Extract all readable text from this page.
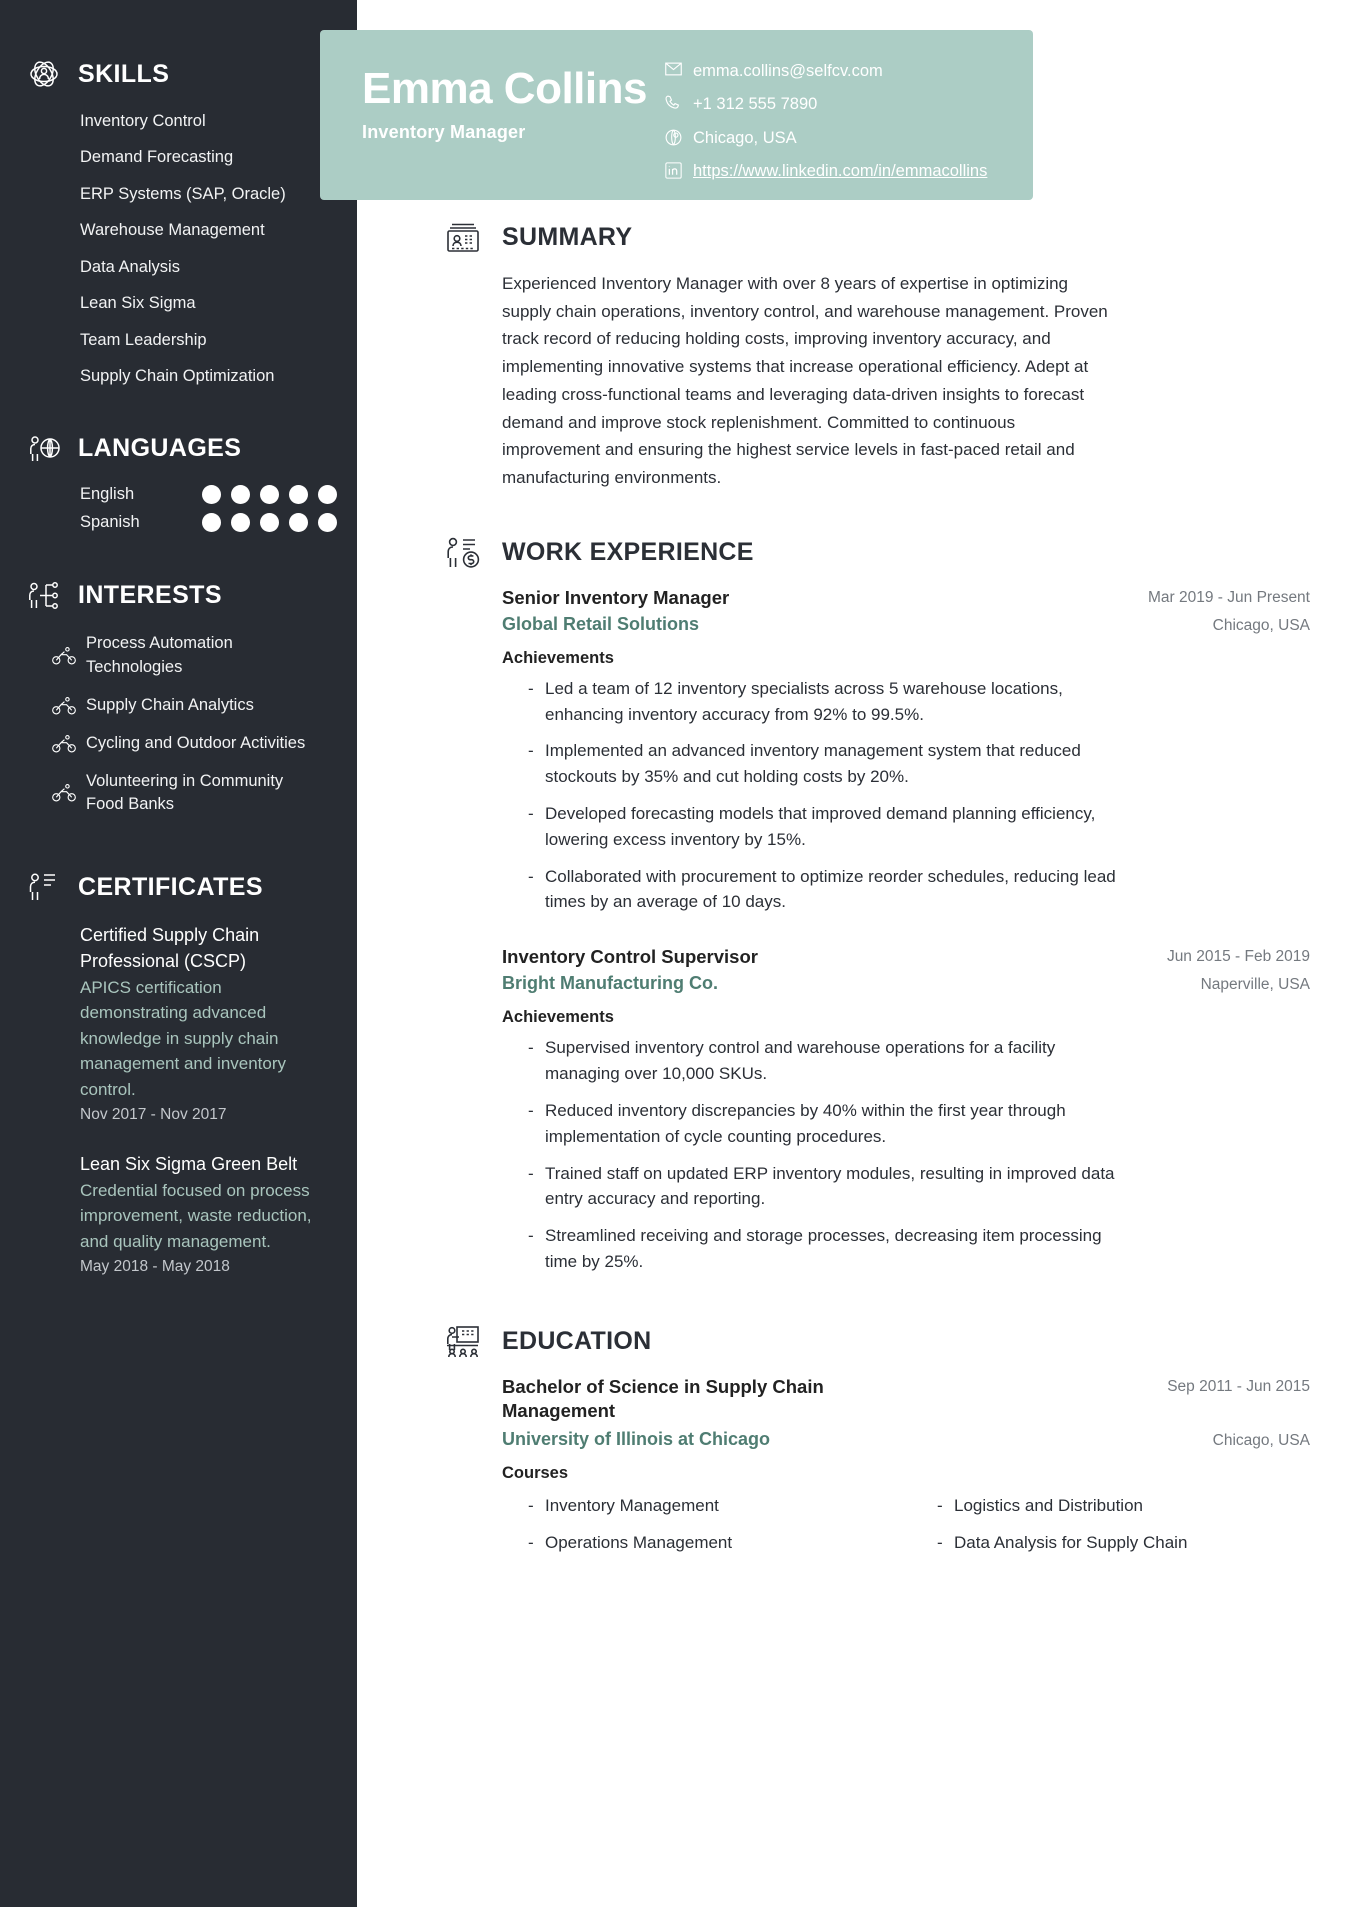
SKILLS
Inventory Control
Demand Forecasting
ERP Systems (SAP, Oracle)
Warehouse Management
Data Analysis
Lean Six Sigma
Team Leadership
Supply Chain Optimization
LANGUAGES
English
Spanish
INTERESTS
Process Automation Technologies
Supply Chain Analytics
Cycling and Outdoor Activities
Volunteering in Community Food Banks
CERTIFICATES
Certified Supply Chain Professional (CSCP)
APICS certification demonstrating advanced knowledge in supply chain management and inventory control.
Nov 2017 - Nov 2017
Lean Six Sigma Green Belt
Credential focused on process improvement, waste reduction, and quality management.
May 2018 - May 2018
Emma Collins
Inventory Manager
emma.collins@selfcv.com
+1 312 555 7890
Chicago, USA
https://www.linkedin.com/in/emmacollins
SUMMARY

Experienced Inventory Manager with over 8 years of expertise in optimizing supply chain operations, inventory control, and warehouse management. Proven track record of reducing holding costs, improving inventory accuracy, and implementing innovative systems that increase operational efficiency. Adept at leading cross-functional teams and leveraging data-driven insights to forecast demand and improve stock replenishment. Committed to continuous improvement and ensuring the highest service levels in fast-paced retail and manufacturing environments.

WORK EXPERIENCE
Senior Inventory Manager	Mar 2019 - Jun Present
Global Retail Solutions	Chicago, USA
Achievements
- Led a team of 12 inventory specialists across 5 warehouse locations, enhancing inventory accuracy from 92% to 99.5%.
- Implemented an advanced inventory management system that reduced stockouts by 35% and cut holding costs by 20%.
- Developed forecasting models that improved demand planning efficiency, lowering excess inventory by 15%.
- Collaborated with procurement to optimize reorder schedules, reducing lead times by an average of 10 days.
Inventory Control Supervisor	Jun 2015 - Feb 2019
Bright Manufacturing Co.	Naperville, USA
Achievements
- Supervised inventory control and warehouse operations for a facility managing over 10,000 SKUs.
- Reduced inventory discrepancies by 40% within the first year through implementation of cycle counting procedures.
- Trained staff on updated ERP inventory modules, resulting in improved data entry accuracy and reporting.
- Streamlined receiving and storage processes, decreasing item processing time by 25%.
EDUCATION
Bachelor of Science in Supply Chain Management
Sep 2011 - Jun 2015
University of Illinois at Chicago	Chicago, USA
Courses
- Inventory Management	- Logistics and Distribution
- Operations Management	- Data Analysis for Supply Chain
